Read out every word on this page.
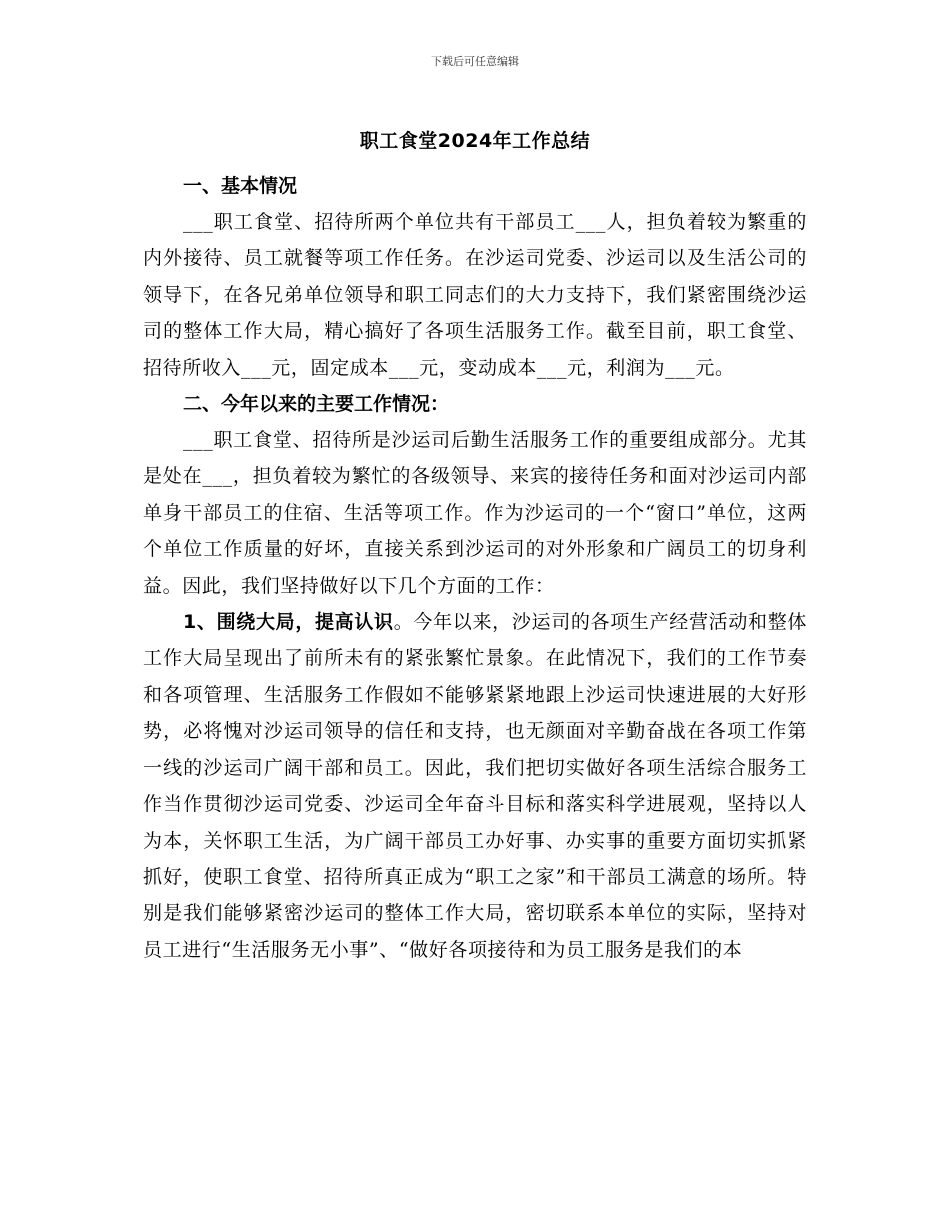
下载后可任意编辑
职工食堂2024年工作总结
一、基本情况

___职工食堂、招待所两个单位共有干部员工___人，担负着较为繁重的内外接待、员工就餐等项工作任务。在沙运司党委、沙运司以及生活公司的领导下，在各兄弟单位领导和职工同志们的大力支持下，我们紧密围绕沙运司的整体工作大局，精心搞好了各项生活服务工作。截至目前，职工食堂、招待所收入___元，固定成本___元，变动成本___元，利润为___元。

二、今年以来的主要工作情况：

___职工食堂、招待所是沙运司后勤生活服务工作的重要组成部分。尤其是处在___，担负着较为繁忙的各级领导、来宾的接待任务和面对沙运司内部单身干部员工的住宿、生活等项工作。作为沙运司的一个“窗口”单位，这两个单位工作质量的好坏，直接关系到沙运司的对外形象和广阔员工的切身利益。因此，我们坚持做好以下几个方面的工作：

1、围绕大局，提高认识。今年以来，沙运司的各项生产经营活动和整体工作大局呈现出了前所未有的紧张繁忙景象。在此情况下，我们的工作节奏和各项管理、生活服务工作假如不能够紧紧地跟上沙运司快速进展的大好形势，必将愧对沙运司领导的信任和支持，也无颜面对辛勤奋战在各项工作第一线的沙运司广阔干部和员工。因此，我们把切实做好各项生活综合服务工作当作贯彻沙运司党委、沙运司全年奋斗目标和落实科学进展观，坚持以人为本，关怀职工生活，为广阔干部员工办好事、办实事的重要方面切实抓紧抓好，使职工食堂、招待所真正成为“职工之家”和干部员工满意的场所。特别是我们能够紧密沙运司的整体工作大局，密切联系本单位的实际，坚持对员工进行“生活服务无小事”、“做好各项接待和为员工服务是我们的本
